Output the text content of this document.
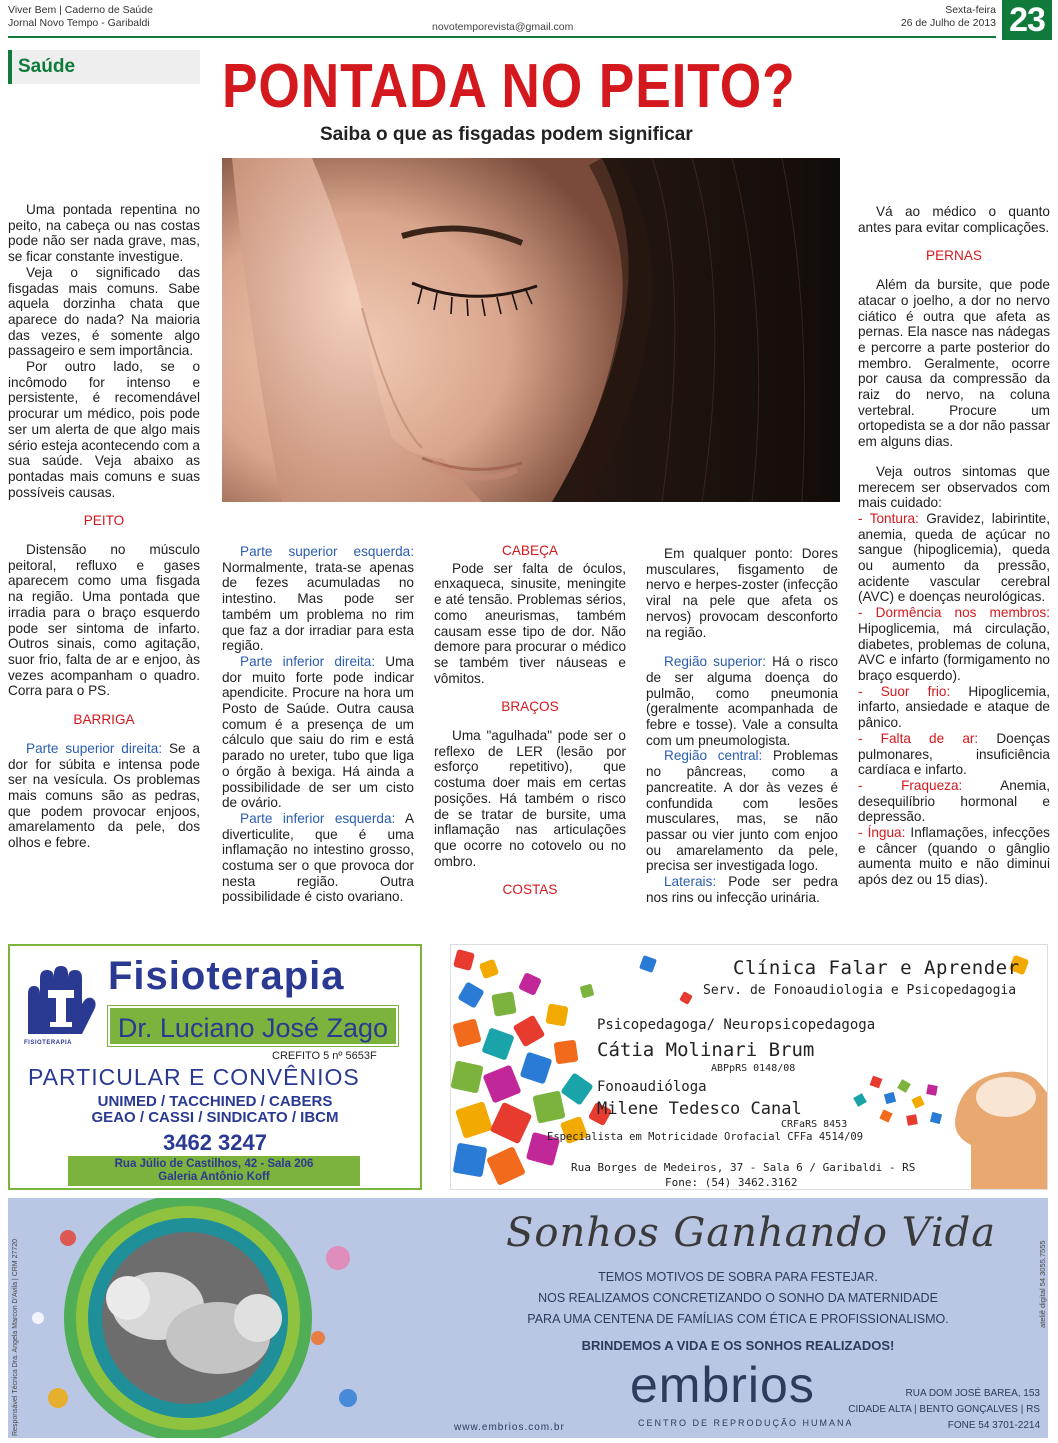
Viver Bem | Caderno de Saúde
Jornal Novo Tempo - Garibaldi	novotemporevista@gmail.com
Sexta-feira
26 de Julho de 2013 23
Saúde	PONTADA NO PEITO?
Saiba o que as fisgadas podem significar

Uma pontada repentina no peito, na cabeça ou nas costas pode não ser nada grave, mas, se ficar constante investigue.

Veja o significado das fisgadas mais comuns. Sabe aquela dorzinha chata que aparece do nada? Na maioria das vezes, é somente algo passageiro e sem importância.

Por outro lado, se o incômodo for intenso e persistente, é recomendável procurar um médico, pois pode ser um alerta de que algo mais sério esteja acontecendo com a sua saúde. Veja abaixo as pontadas mais comuns e suas possíveis causas.

PEITO

Distensão no músculo peitoral, refluxo e gases aparecem como uma fisgada na região. Uma pontada que irradia para o braço esquerdo pode ser sintoma de infarto. Outros sinais, como agitação, suor frio, falta de ar e enjoo, às vezes acompanham o quadro. Corra para o PS.

BARRIGA

Parte superior direita: Se a dor for súbita e intensa pode ser na vesícula. Os problemas mais comuns são as pedras, que podem provocar enjoos, amarelamento da pele, dos olhos e febre.

Parte superior esquerda: Normalmente, trata-se apenas de fezes acumuladas no intestino. Mas pode ser também um problema no rim que faz a dor irradiar para esta região.

Parte inferior direita: Uma dor muito forte pode indicar apendicite. Procure na hora um Posto de Saúde. Outra causa comum é a presença de um cálculo que saiu do rim e está parado no ureter, tubo que liga o órgão à bexiga. Há ainda a possibilidade de ser um cisto de ovário.

Parte inferior esquerda: A diverticulite, que é uma inflamação no intestino grosso, costuma ser o que provoca dor nesta região. Outra possibilidade é cisto ovariano.

CABEÇA

Pode ser falta de óculos, enxaqueca, sinusite, meningite e até tensão. Problemas sérios, como aneurismas, também causam esse tipo de dor. Não demore para procurar o médico se também tiver náuseas e vômitos.

BRAÇOS

Uma "agulhada" pode ser o reflexo de LER (lesão por esforço repetitivo), que costuma doer mais em certas posições. Há também o risco de se tratar de bursite, uma inflamação nas articulações que ocorre no cotovelo ou no ombro.

COSTAS

Em qualquer ponto: Dores musculares, fisgamento de nervo e herpes-zoster (infecção viral na pele que afeta os nervos) provocam desconforto na região.

Região superior: Há o risco de ser alguma doença do pulmão, como pneumonia (geralmente acompanhada de febre e tosse). Vale a consulta com um pneumologista.

Região central: Problemas no pâncreas, como a pancreatite. A dor às vezes é confundida com lesões musculares, mas, se não passar ou vier junto com enjoo ou amarelamento da pele, precisa ser investigada logo.

Laterais: Pode ser pedra nos rins ou infecção urinária.

Vá ao médico o quanto antes para evitar complicações.

PERNAS

Além da bursite, que pode atacar o joelho, a dor no nervo ciático é outra que afeta as pernas. Ela nasce nas nádegas e percorre a parte posterior do membro. Geralmente, ocorre por causa da compressão da raiz do nervo, na coluna vertebral. Procure um ortopedista se a dor não passar em alguns dias.

Veja outros sintomas que merecem ser observados com mais cuidado:

- Tontura: Gravidez, labirintite, anemia, queda de açúcar no sangue (hipoglicemia), queda ou aumento da pressão, acidente vascular cerebral (AVC) e doenças neurológicas.

- Dormência nos membros: Hipoglicemia, má circulação, diabetes, problemas de coluna, AVC e infarto (formigamento no braço esquerdo).

- Suor frio: Hipoglicemia, infarto, ansiedade e ataque de pânico.

- Falta de ar: Doenças pulmonares, insuficiência cardíaca e infarto.

- Fraqueza: Anemia, desequilíbrio hormonal e depressão.

- Íngua: Inflamações, infecções e câncer (quando o gânglio aumenta muito e não diminui após dez ou 15 dias).

FISIOTERAPIA
Fisioterapia
Dr. Luciano José Zago
CREFITO 5 nº 5653F
PARTICULAR E CONVÊNIOS
UNIMED / TACCHINED / CABERS
GEAO / CASSI / SINDICATO / IBCM
3462 3247
Rua Júlio de Castilhos, 42 - Sala 206
Galeria Antônio Koff
Clínica Falar e Aprender
Serv. de Fonoaudiologia e Psicopedagogia
Psicopedagoga/ Neuropsicopedagoga
Cátia Molinari Brum
ABPpRS 0148/08
Fonoaudióloga
Milene Tedesco Canal
CRFaRS 8453
Especialista em Motricidade Orofacial CFFa 4514/09
Rua Borges de Medeiros, 37 - Sala 6 / Garibaldi - RS
Fone: (54) 3462.3162
Sonhos Ganhando Vida
TEMOS MOTIVOS DE SOBRA PARA FESTEJAR.
NOS REALIZAMOS CONCRETIZANDO O SONHO DA MATERNIDADE
PARA UMA CENTENA DE FAMÍLIAS COM ÉTICA E PROFISSIONALISMO.
BRINDEMOS A VIDA E OS SONHOS REALIZADOS!
embrios
CENTRO DE REPRODUÇÃO HUMANA
www.embrios.com.br
RUA DOM JOSÉ BAREA, 153
CIDADE ALTA | BENTO GONÇALVES | RS
FONE 54 3701-2214
Responsável Técnica Dra. Angela Marcon D'Avila | CRM 27720	ateliê digital 54 3055.7555
